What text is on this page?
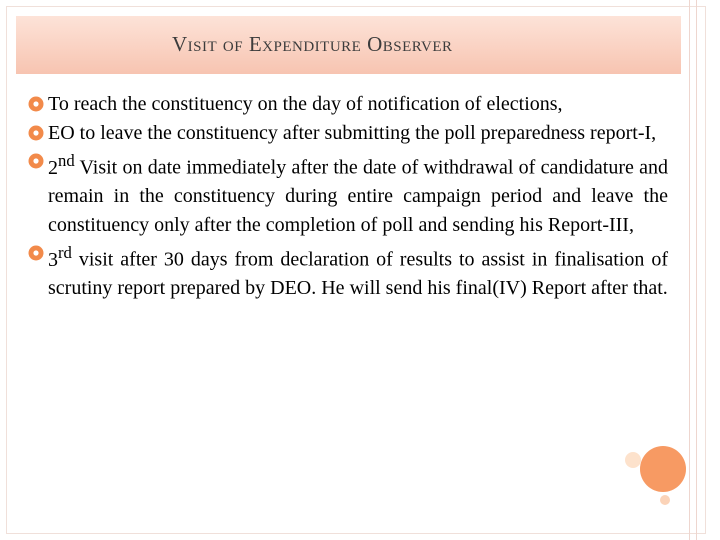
Visit of Expenditure Observer
To reach the constituency on the day of notification of elections,
EO to leave the constituency after submitting the poll preparedness report-I,
2nd Visit on date immediately after the date of withdrawal of candidature and remain in the constituency during entire campaign period and leave the constituency only after the completion of poll and sending his Report-III,
3rd visit after 30 days from declaration of results to assist in finalisation of scrutiny report prepared by DEO. He will send his final(IV) Report after that.
